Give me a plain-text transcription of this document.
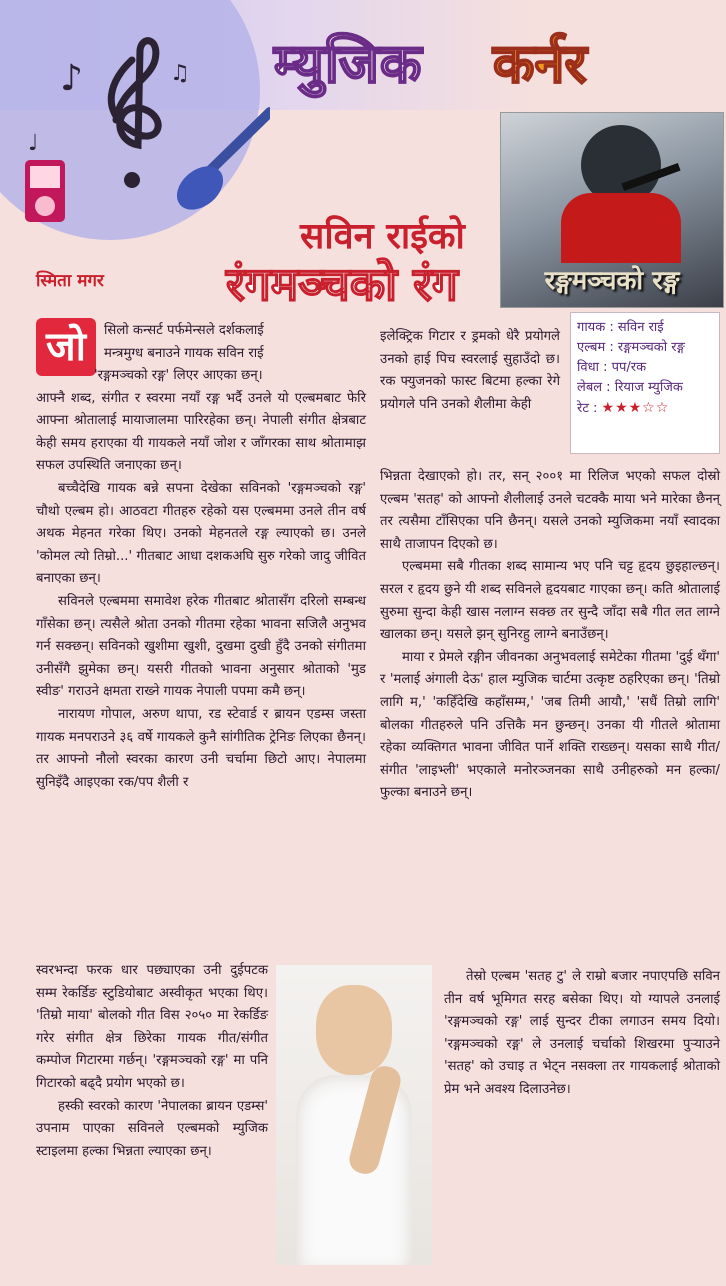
♪	♫
♩
म्युजिक कर्नर
रङ्गमञ्चको रङ्ग
सविन राईको
रंगमञ्चको रंग
स्मिता मगर
गायक : सविन राई
एल्बम : रङ्गमञ्चको रङ्ग
विधा : पप/रक
लेबल : रियाज म्युजिक
रेट : ★★★☆☆
जो	सिलो कन्सर्ट पर्फमेन्सले दर्शकलाई

मन्त्रमुग्ध बनाउने गायक सविन राई

'रङ्गमञ्चको रङ्ग' लिएर आएका छन्।

आफ्नै शब्द, संगीत र स्वरमा नयाँ रङ्ग भर्दै उनले यो एल्बमबाट फेरि आफ्ना श्रोतालाई मायाजालमा पारिरहेका छन्। नेपाली संगीत क्षेत्रबाट केही समय हराएका यी गायकले नयाँ जोश र जाँगरका साथ श्रोतामाझ सफल उपस्थिति जनाएका छन्।

बच्चैदेखि गायक बन्ने सपना देखेका सविनको 'रङ्गमञ्चको रङ्ग' चौथो एल्बम हो। आठवटा गीतहरु रहेको यस एल्बममा उनले तीन वर्ष अथक मेहनत गरेका थिए। उनको मेहनतले रङ्ग ल्याएको छ। उनले 'कोमल त्यो तिम्रो...' गीतबाट आधा दशकअघि सुरु गरेको जादु जीवित बनाएका छन्।

सविनले एल्बममा समावेश हरेक गीतबाट श्रोतासँग दरिलो सम्बन्ध गाँसेका छन्। त्यसैले श्रोता उनको गीतमा रहेका भावना सजिलै अनुभव गर्न सक्छन्। सविनको खुशीमा खुशी, दुखमा दुखी हुँदै उनको संगीतमा उनीसँगै झुमेका छन्। यसरी गीतको भावना अनुसार श्रोताको 'मुड स्वीङ' गराउने क्षमता राख्ने गायक नेपाली पपमा कमै छन्।

नारायण गोपाल, अरुण थापा, रड स्टेवार्ड र ब्रायन एडम्स जस्ता गायक मनपराउने ३६ वर्षे गायकले कुनै सांगीतिक ट्रेनिङ लिएका छैनन्। तर आफ्नो नौलो स्वरका कारण उनी चर्चामा छिटो आए। नेपालमा सुनिइँदै आइएका रक/पप शैली र

स्वरभन्दा फरक धार पछ्याएका उनी दुईपटक सम्म रेकर्डिङ स्टुडियोबाट अस्वीकृत भएका थिए। 'तिम्रो माया' बोलको गीत विस २०५० मा रेकर्डिङ गरेर संगीत क्षेत्र छिरेका गायक गीत/संगीत कम्पोज गिटारमा गर्छन्। 'रङ्गमञ्चको रङ्ग' मा पनि गिटारको बढ्दै प्रयोग भएको छ।

हस्की स्वरको कारण 'नेपालका ब्रायन एडम्स' उपनाम पाएका सविनले एल्बमको म्युजिक स्टाइलमा हल्का भिन्नता ल्याएका छन्।

इलेक्ट्रिक गिटार र ड्रमको धेरै प्रयोगले उनको हाई पिच स्वरलाई सुहाउँदो छ। रक फ्युजनको फास्ट बिटमा हल्का रेगे प्रयोगले पनि उनको शैलीमा केही

भिन्नता देखाएको हो। तर, सन् २००१ मा रिलिज भएको सफल दोस्रो एल्बम 'सतह' को आफ्नो शैलीलाई उनले चटक्कै माया भने मारेका छैनन् तर त्यसैमा टाँसिएका पनि छैनन्। यसले उनको म्युजिकमा नयाँ स्वादका साथै ताजापन दिएको छ।

एल्बममा सबै गीतका शब्द सामान्य भए पनि चट्ट हृदय छुइहाल्छन्। सरल र हृदय छुने यी शब्द सविनले हृदयबाट गाएका छन्। कति श्रोतालाई सुरुमा सुन्दा केही खास नलाग्न सक्छ तर सुन्दै जाँदा सबै गीत लत लाग्ने खालका छन्। यसले झन् सुनिरहु लाग्ने बनाउँछन्।

माया र प्रेमले रङ्गीन जीवनका अनुभवलाई समेटेका गीतमा 'दुई थँगा' र 'मलाई अंगाली देऊ' हाल म्युजिक चार्टमा उत्कृष्ट ठहरिएका छन्। 'तिम्रो लागि म,' 'कहिँदेखि कहाँसम्म,' 'जब तिमी आयौ,' 'सधैं तिम्रो लागि' बोलका गीतहरुले पनि उत्तिकै मन छुन्छन्। उनका यी गीतले श्रोतामा रहेका व्यक्तिगत भावना जीवित पार्ने शक्ति राख्छन्। यसका साथै गीत/संगीत 'लाइभ्ली' भएकाले मनोरञ्जनका साथै उनीहरुको मन हल्का/फुल्का बनाउने छन्।

तेस्रो एल्बम 'सतह टु' ले राम्रो बजार नपाएपछि सविन तीन वर्ष भूमिगत सरह बसेका थिए। यो ग्यापले उनलाई 'रङ्गमञ्चको रङ्ग' लाई सुन्दर टीका लगाउन समय दियो। 'रङ्गमञ्चको रङ्ग' ले उनलाई चर्चाको शिखरमा पुऱ्याउने 'सतह' को उचाइ त भेट्न नसक्ला तर गायकलाई श्रोताको प्रेम भने अवश्य दिलाउनेछ।
